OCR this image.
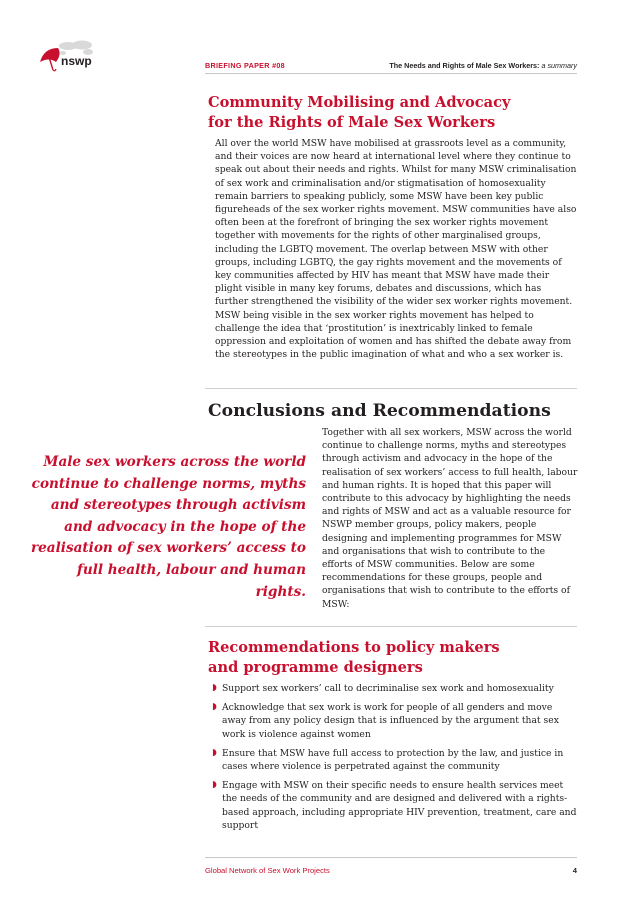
nswp	BRIEFING PAPER #08	The Needs and Rights of Male Sex Workers: a summary
Community Mobilising and Advocacy
for the Rights of Male Sex Workers

All over the world MSW have mobilised at grassroots level as a community, and their voices are now heard at international level where they continue to speak out about their needs and rights. Whilst for many MSW criminalisation of sex work and criminalisation and/or stigmatisation of homosexuality remain barriers to speaking publicly, some MSW have been key public figureheads of the sex worker rights movement. MSW communities have also often been at the forefront of bringing the sex worker rights movement together with movements for the rights of other marginalised groups, including the LGBTQ movement. The overlap between MSW with other groups, including LGBTQ, the gay rights movement and the movements of key communities affected by HIV has meant that MSW have made their plight visible in many key forums, debates and discussions, which has further strengthened the visibility of the wider sex worker rights movement. MSW being visible in the sex worker rights movement has helped to challenge the idea that ‘prostitution’ is inextricably linked to female oppression and exploitation of women and has shifted the debate away from the stereotypes in the public imagination of what and who a sex worker is.

Conclusions and Recommendations

Male sex workers across the world continue to challenge norms, myths and stereotypes through activism and advocacy in the hope of the realisation of sex workers’ access to full health, labour and human rights.

Together with all sex workers, MSW across the world continue to challenge norms, myths and stereotypes through activism and advocacy in the hope of the realisation of sex workers’ access to full health, labour and human rights. It is hoped that this paper will contribute to this advocacy by highlighting the needs and rights of MSW and act as a valuable resource for NSWP member groups, policy makers, people designing and implementing programmes for MSW and organisations that wish to contribute to the efforts of MSW communities. Below are some recommendations for these groups, people and organisations that wish to contribute to the efforts of MSW:

Recommendations to policy makers
and programme designers
◗ Support sex workers’ call to decriminalise sex work and homosexuality
◗ Acknowledge that sex work is work for people of all genders and move away from any policy design that is influenced by the argument that sex work is violence against women
◗ Ensure that MSW have full access to protection by the law, and justice in cases where violence is perpetrated against the community
◗ Engage with MSW on their specific needs to ensure health services meet the needs of the community and are designed and delivered with a rights-based approach, including appropriate HIV prevention, treatment, care and support
Global Network of Sex Work Projects	4
